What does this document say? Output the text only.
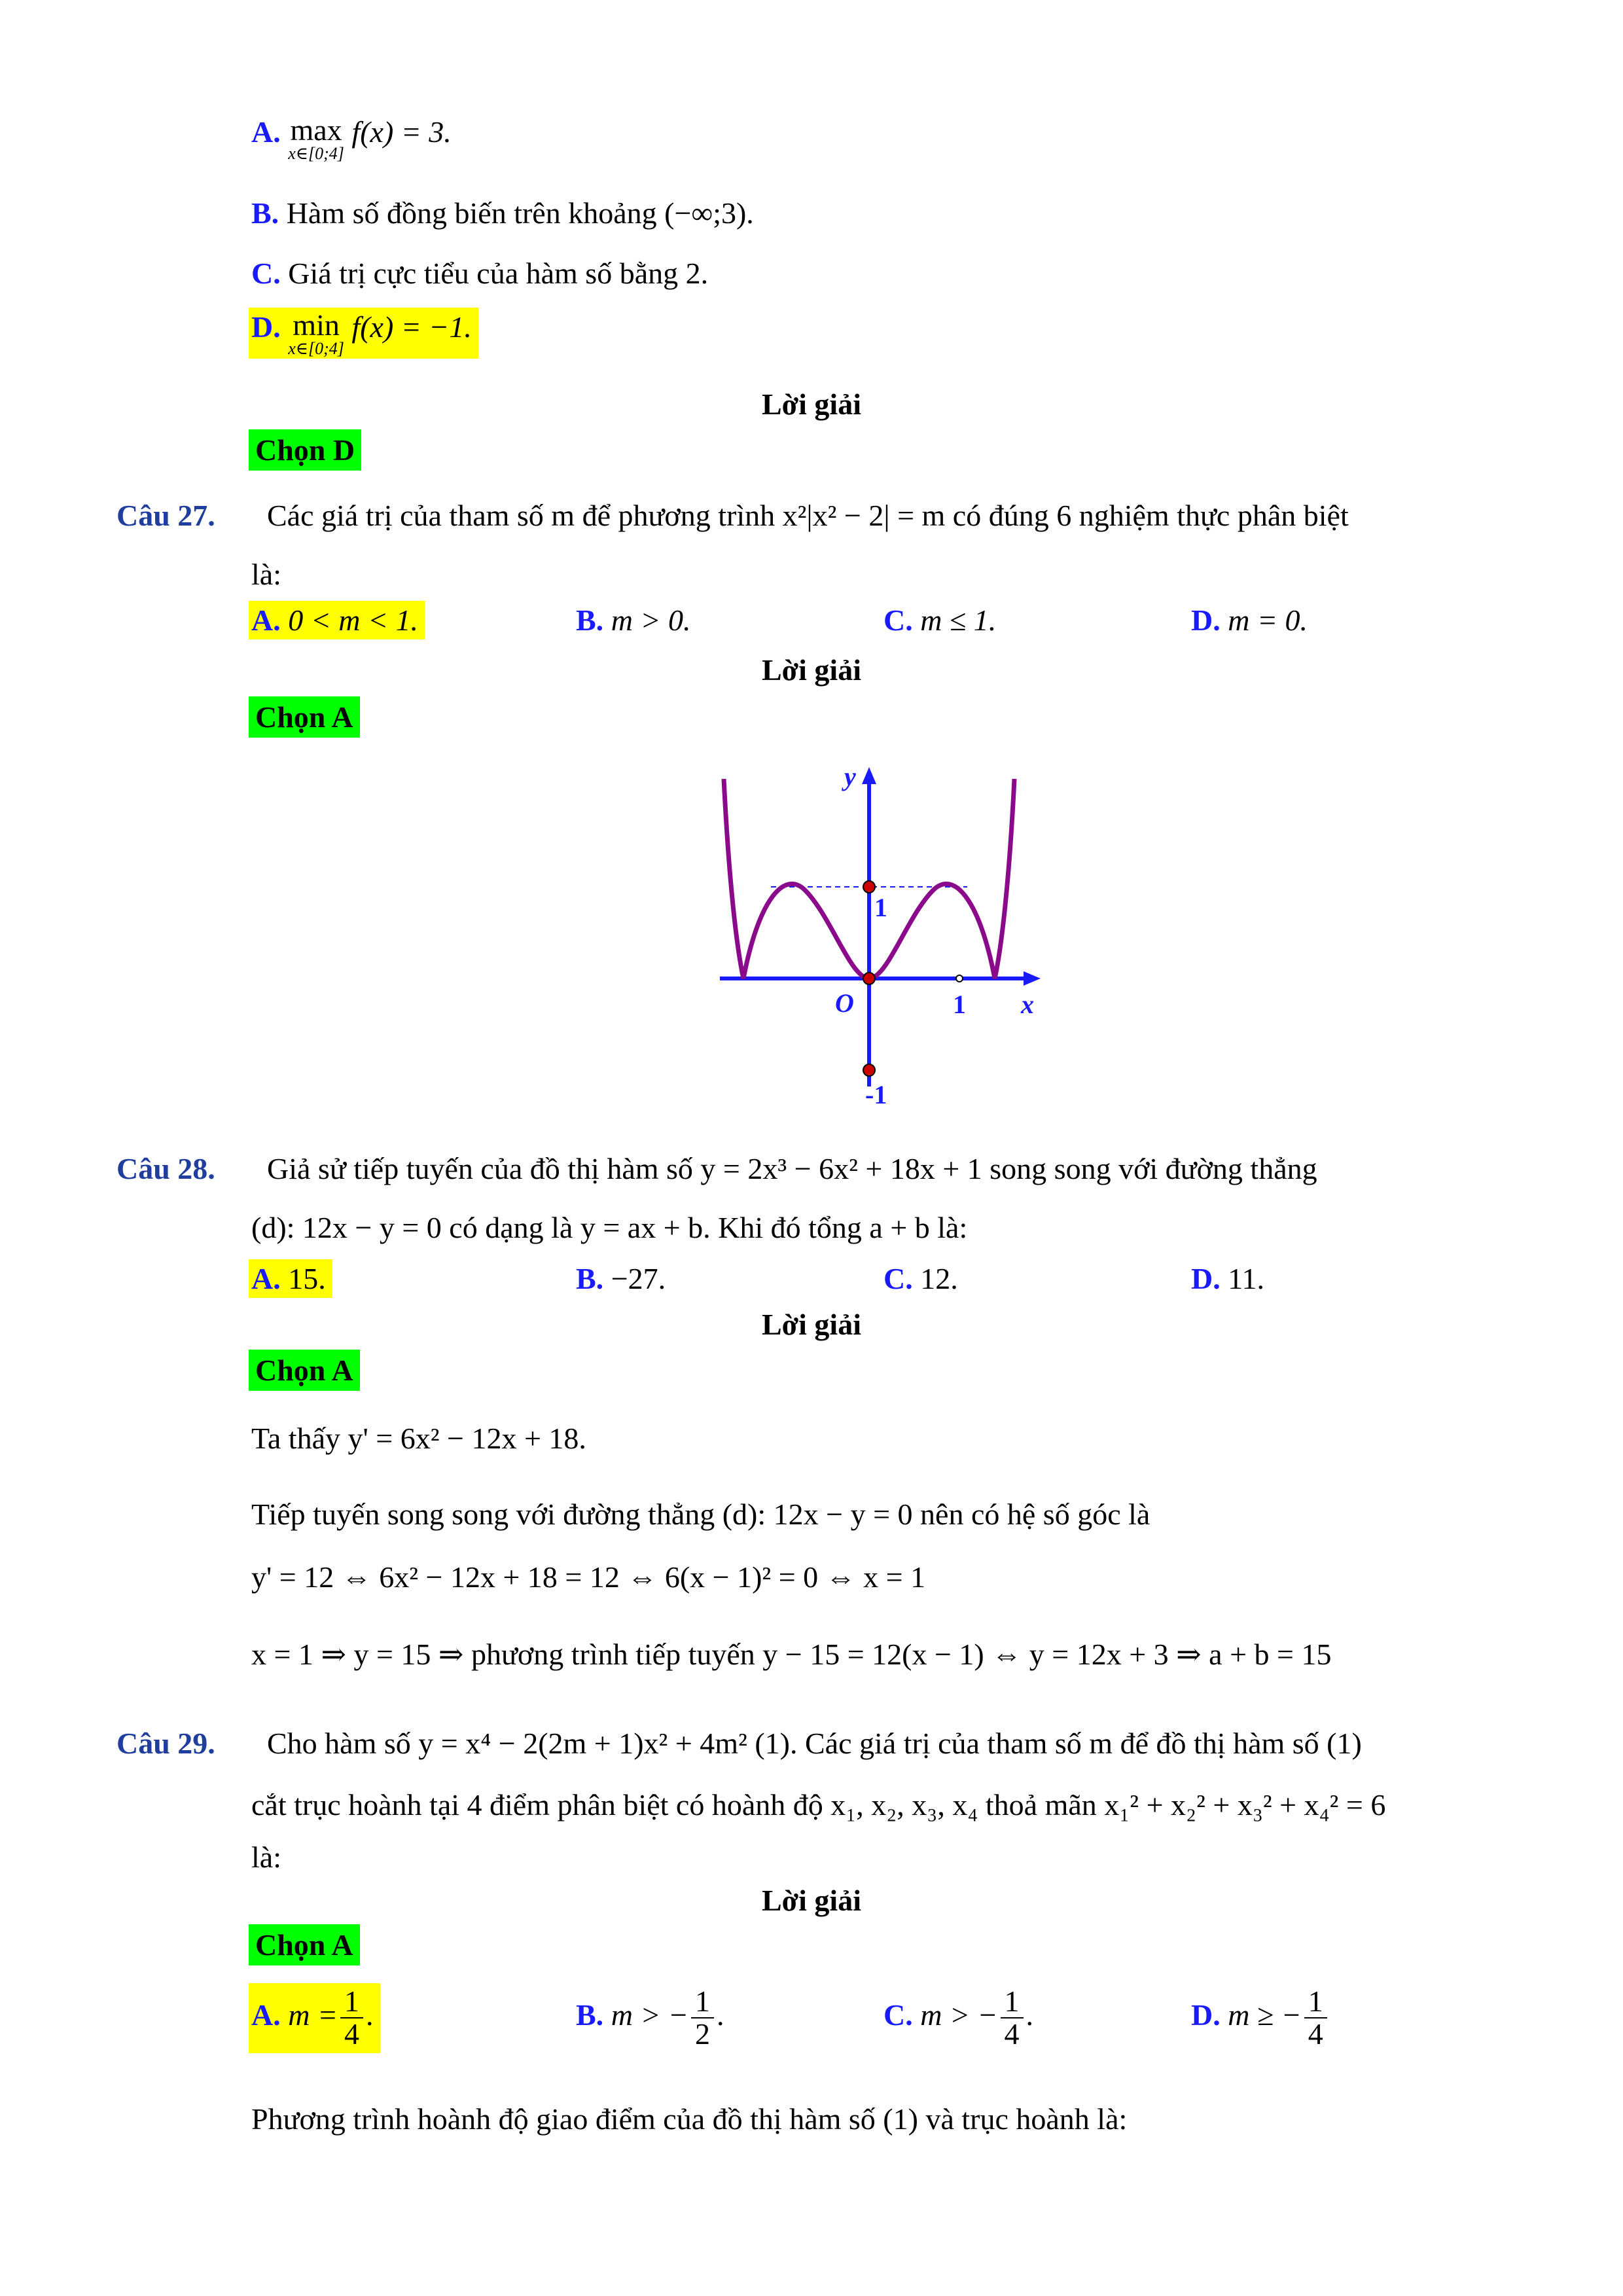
A. max
x∈[0;4]
f(x) = 3.
B. Hàm số đồng biến trên khoảng (−∞;3).
C. Giá trị cực tiểu của hàm số bằng 2.
D. min
x∈[0;4]
f(x) = −1.
Lời giải
Chọn D
Câu 27. Các giá trị của tham số m để phương trình x²|x² − 2| = m có đúng 6 nghiệm thực phân biệt
là:
A. 0 < m < 1.	B. m > 0.	C. m ≤ 1.	D. m = 0.
Lời giải
Chọn A
y
1
O	1 x
-1
Câu 28. Giả sử tiếp tuyến của đồ thị hàm số y = 2x³ − 6x² + 18x + 1 song song với đường thẳng
(d): 12x − y = 0 có dạng là y = ax + b. Khi đó tổng a + b là:
A. 15.	B. −27.	C. 12.	D. 11.
Lời giải
Chọn A
Ta thấy y' = 6x² − 12x + 18.
Tiếp tuyến song song với đường thẳng (d): 12x − y = 0 nên có hệ số góc là
y' = 12 ⇔ 6x² − 12x + 18 = 12 ⇔ 6(x − 1)² = 0 ⇔ x = 1
x = 1 ⇒ y = 15 ⇒ phương trình tiếp tuyến y − 15 = 12(x − 1) ⇔ y = 12x + 3 ⇒ a + b = 15
Câu 29. Cho hàm số y = x⁴ − 2(2m + 1)x² + 4m² (1). Các giá trị của tham số m để đồ thị hàm số (1)
cắt trục hoành tại 4 điểm phân biệt có hoành độ x₁, x₂, x₃, x₄ thoả mãn x₁² + x₂² + x₃² + x₄² = 6
là:
Lời giải
Chọn A
A. $m = \frac{1}{4}$ .	B. m > − $\frac{1}{2}$ .	C. m > − $\frac{1}{4}$ .	D. m ≥ − $\frac{1}{4}$
Phương trình hoành độ giao điểm của đồ thị hàm số (1) và trục hoành là:
